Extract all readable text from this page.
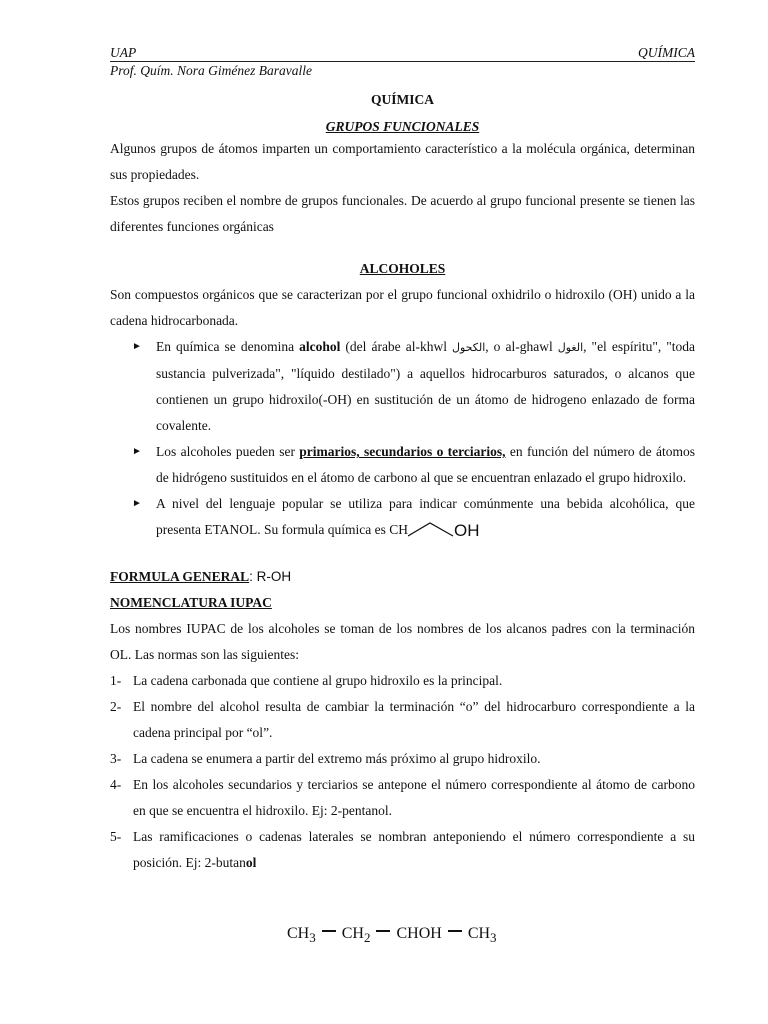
UAP	QUÍMICA
Prof. Quím. Nora Giménez Baravalle
QUÍMICA
GRUPOS FUNCIONALES
Algunos grupos de átomos imparten un comportamiento característico a la molécula orgánica, determinan sus propiedades.
Estos grupos reciben el nombre de grupos funcionales. De acuerdo al grupo funcional presente se tienen las diferentes funciones orgánicas
ALCOHOLES
Son compuestos orgánicos que se caracterizan por el grupo funcional oxhidrilo o hidroxilo (OH) unido a la cadena hidrocarbonada.
► En química se denomina alcohol (del árabe al-khwl الكحول, o al-ghawl الغول, "el espíritu", "toda sustancia pulverizada", "líquido destilado") a aquellos hidrocarburos saturados, o alcanos que contienen un grupo hidroxilo(-OH) en sustitución de un átomo de hidrogeno enlazado de forma covalente.
► Los alcoholes pueden ser primarios, secundarios o terciarios, en función del número de átomos de hidrógeno sustituidos en el átomo de carbono al que se encuentran enlazado el grupo hidroxilo.
► A nivel del lenguaje popular se utiliza para indicar comúnmente una bebida alcohólica, que presenta ETANOL. Su formula química es CH	OH
FORMULA GENERAL: R-OH
NOMENCLATURA IUPAC
Los nombres IUPAC de los alcoholes se toman de los nombres de los alcanos padres con la terminación OL. Las normas son las siguientes:
1- La cadena carbonada que contiene al grupo hidroxilo es la principal.
2- El nombre del alcohol resulta de cambiar la terminación “o” del hidrocarburo correspondiente a la cadena principal por “ol”.
3- La cadena se enumera a partir del extremo más próximo al grupo hidroxilo.
4- En los alcoholes secundarios y terciarios se antepone el número correspondiente al átomo de carbono en que se encuentra el hidroxilo. Ej: 2-pentanol.
5- Las ramificaciones o cadenas laterales se nombran anteponiendo el número correspondiente a su posición. Ej: 2-butanol
$CH_3$ $CH_2$ CHOH $CH_3$
